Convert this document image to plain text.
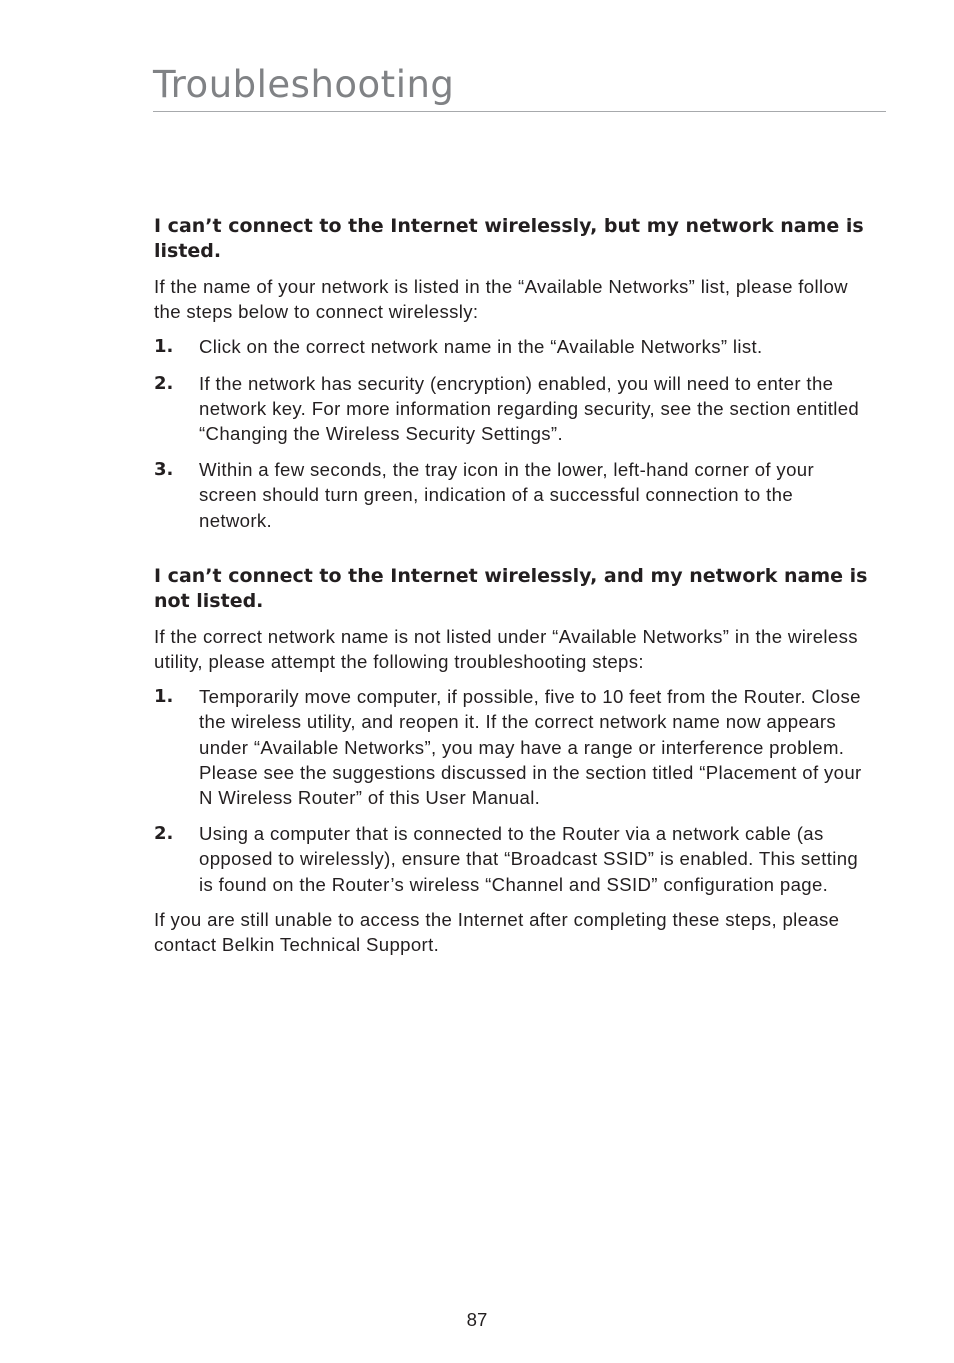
Troubleshooting
I can’t connect to the Internet wirelessly, but my network name is listed.

If the name of your network is listed in the “Available Networks” list, please follow the steps below to connect wirelessly:

1. Click on the correct network name in the “Available Networks” list.
2. If the network has security (encryption) enabled, you will need to enter the network key. For more information regarding security, see the section entitled “Changing the Wireless Security Settings”.
3. Within a few seconds, the tray icon in the lower, left-hand corner of your screen should turn green, indication of a successful connection to the network.
I can’t connect to the Internet wirelessly, and my network name is not listed.

If the correct network name is not listed under “Available Networks” in the wireless utility, please attempt the following troubleshooting steps:

1. Temporarily move computer, if possible, five to 10 feet from the Router. Close the wireless utility, and reopen it. If the correct network name now appears under “Available Networks”, you may have a range or interference problem. Please see the suggestions discussed in the section titled “Placement of your N Wireless Router” of this User Manual.
2. Using a computer that is connected to the Router via a network cable (as opposed to wirelessly), ensure that “Broadcast SSID” is enabled. This setting is found on the Router’s wireless “Channel and SSID” configuration page.

If you are still unable to access the Internet after completing these steps, please contact Belkin Technical Support.

87
